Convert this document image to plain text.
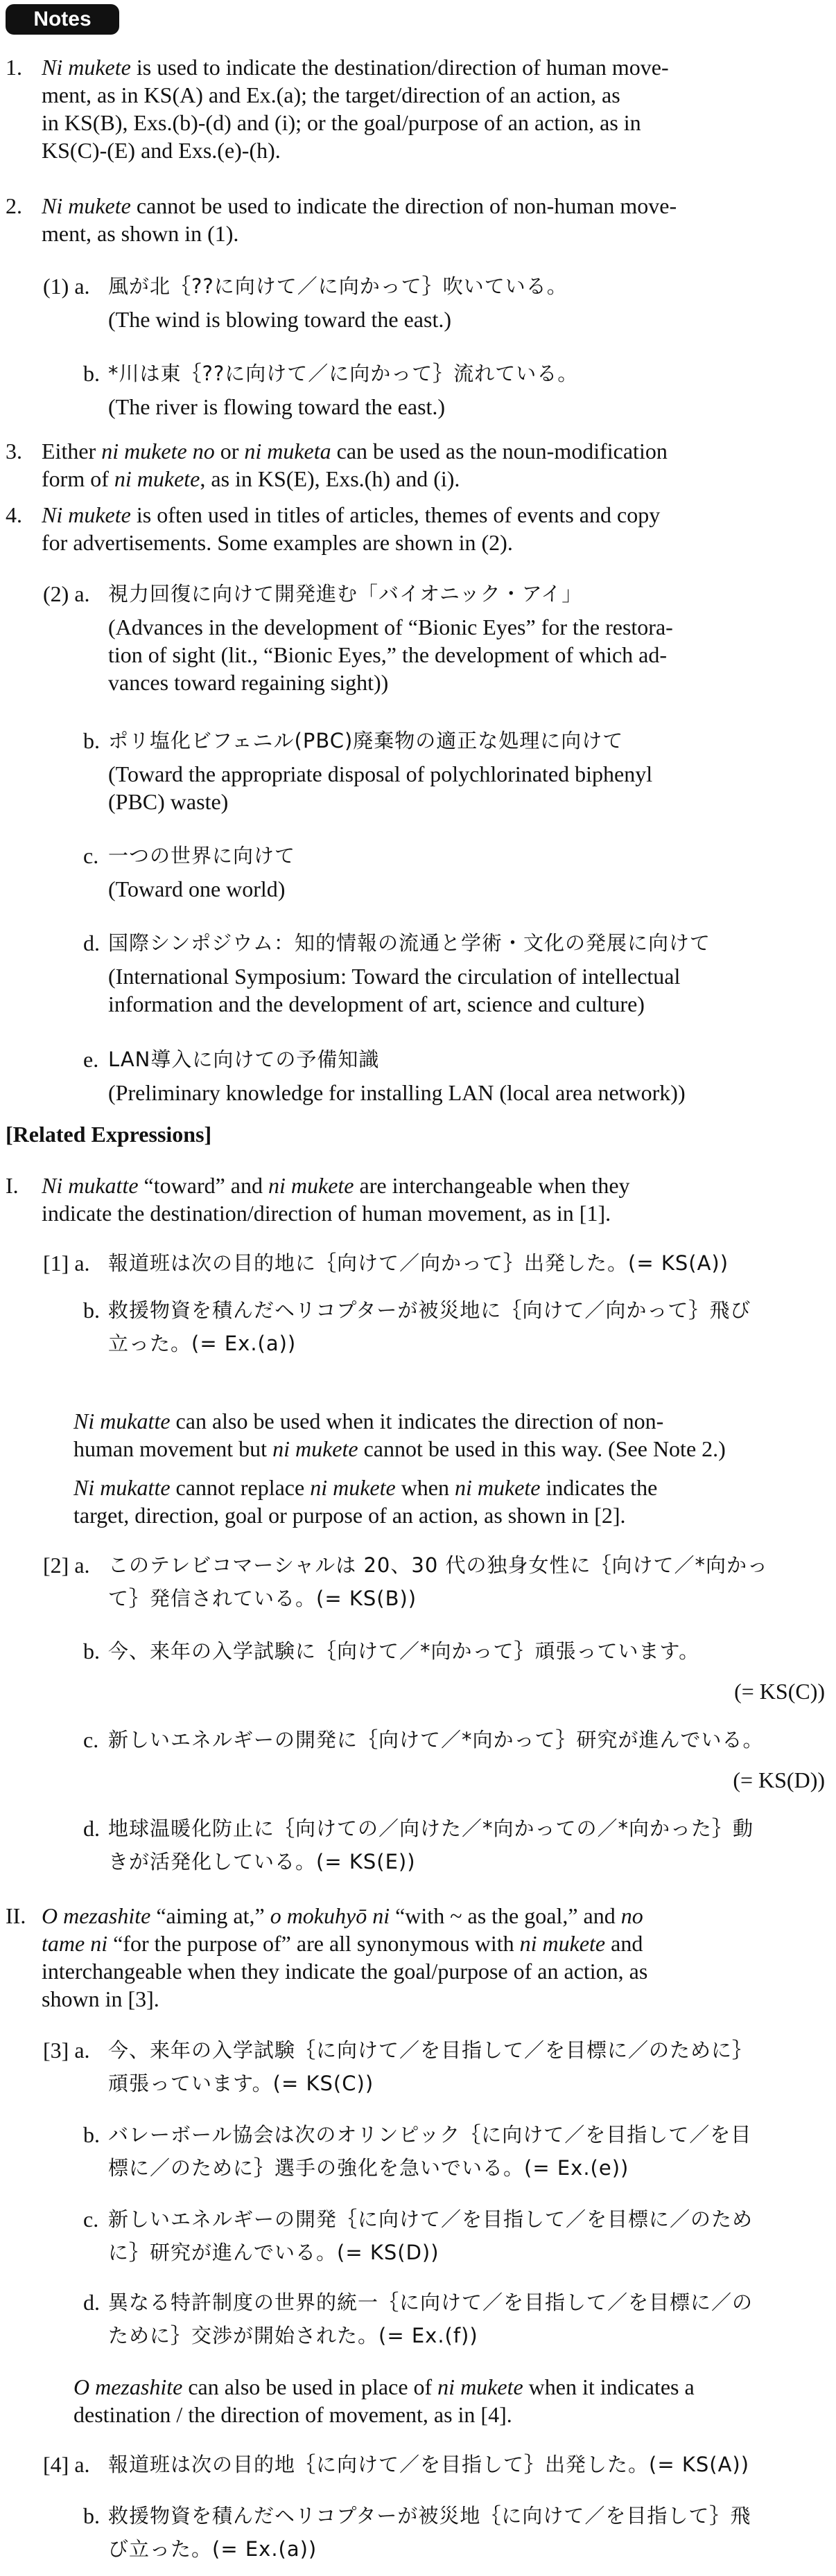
Notes
1. Ni mukete is used to indicate the destination/direction of human move-
ment, as in KS(A) and Ex.(a); the target/direction of an action, as
in KS(B), Exs.(b)-(d) and (i); or the goal/purpose of an action, as in
KS(C)-(E) and Exs.(e)-(h).
2. Ni mukete cannot be used to indicate the direction of non-human move-
ment, as shown in (1).
(1) a. 風が北｛??に向けて／に向かって｝吹いている。
(The wind is blowing toward the east.)
b. *川は東｛??に向けて／に向かって｝流れている。
(The river is flowing toward the east.)
3. Either ni mukete no or ni muketa can be used as the noun-modification
form of ni mukete, as in KS(E), Exs.(h) and (i).
4. Ni mukete is often used in titles of articles, themes of events and copy
for advertisements. Some examples are shown in (2).
(2) a. 視力回復に向けて開発進む「バイオニック・アイ」
(Advances in the development of “Bionic Eyes” for the restora-
tion of sight (lit., “Bionic Eyes,” the development of which ad-
vances toward regaining sight))
b. ポリ塩化ビフェニル(PBC)廃棄物の適正な処理に向けて
(Toward the appropriate disposal of polychlorinated biphenyl
(PBC) waste)
c. 一つの世界に向けて
(Toward one world)
d. 国際シンポジウム：知的情報の流通と学術・文化の発展に向けて
(International Symposium: Toward the circulation of intellectual
information and the development of art, science and culture)
e. LAN導入に向けての予備知識
(Preliminary knowledge for installing LAN (local area network))
[Related Expressions]
I. Ni mukatte “toward” and ni mukete are interchangeable when they
indicate the destination/direction of human movement, as in [1].
[1] a. 報道班は次の目的地に｛向けて／向かって｝出発した。(= KS(A))
b. 救援物資を積んだヘリコプターが被災地に｛向けて／向かって｝飛び
立った。(= Ex.(a))
Ni mukatte can also be used when it indicates the direction of non-
human movement but ni mukete cannot be used in this way. (See Note 2.)
Ni mukatte cannot replace ni mukete when ni mukete indicates the
target, direction, goal or purpose of an action, as shown in [2].
[2] a. このテレビコマーシャルは 20、30 代の独身女性に｛向けて／*向かっ
て｝発信されている。(= KS(B))
b. 今、来年の入学試験に｛向けて／*向かって｝頑張っています。
(= KS(C))
c. 新しいエネルギーの開発に｛向けて／*向かって｝研究が進んでいる。
(= KS(D))
d. 地球温暖化防止に｛向けての／向けた／*向かっての／*向かった｝動
きが活発化している。(= KS(E))
II. O mezashite “aiming at,” o mokuhyō ni “with ~ as the goal,” and no
tame ni “for the purpose of” are all synonymous with ni mukete and
interchangeable when they indicate the goal/purpose of an action, as
shown in [3].
[3] a. 今、来年の入学試験｛に向けて／を目指して／を目標に／のために｝
頑張っています。(= KS(C))
b. バレーボール協会は次のオリンピック｛に向けて／を目指して／を目
標に／のために｝選手の強化を急いでいる。(= Ex.(e))
c. 新しいエネルギーの開発｛に向けて／を目指して／を目標に／のため
に｝研究が進んでいる。(= KS(D))
d. 異なる特許制度の世界的統一｛に向けて／を目指して／を目標に／の
ために｝交渉が開始された。(= Ex.(f))
O mezashite can also be used in place of ni mukete when it indicates a
destination / the direction of movement, as in [4].
[4] a. 報道班は次の目的地｛に向けて／を目指して｝出発した。(= KS(A))
b. 救援物資を積んだヘリコプターが被災地｛に向けて／を目指して｝飛
び立った。(= Ex.(a))
